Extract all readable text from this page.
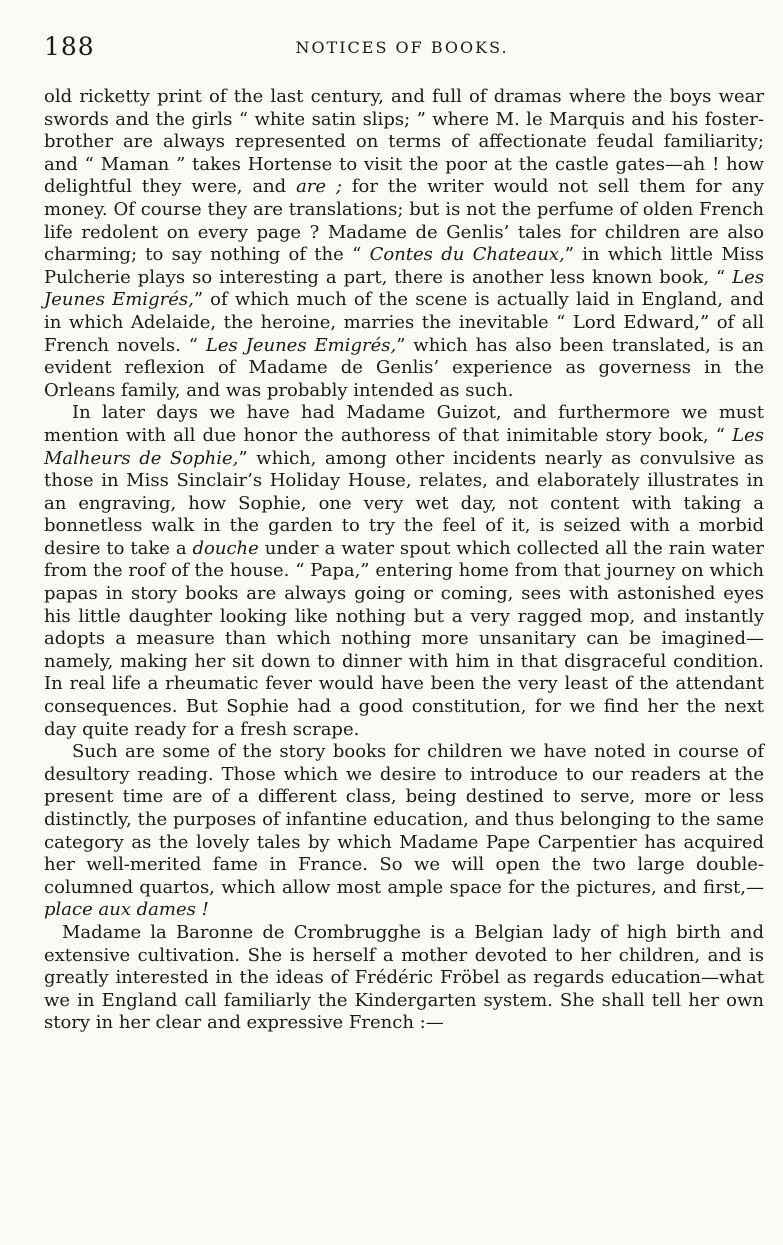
188	NOTICES OF BOOKS.

old ricketty print of the last century, and full of dramas where the boys wear swords and the girls “ white satin slips; ” where M. le Marquis and his foster-brother are always represented on terms of affectionate feudal familiarity; and “ Maman ” takes Hortense to visit the poor at the castle gates—ah ! how delightful they were, and are ; for the writer would not sell them for any money. Of course they are translations; but is not the perfume of olden French life redolent on every page ? Madame de Genlis’ tales for children are also charming; to say nothing of the “ Contes du Chateaux,” in which little Miss Pulcherie plays so interesting a part, there is another less known book, “ Les Jeunes Emigrés,” of which much of the scene is actually laid in England, and in which Adelaide, the heroine, marries the inevitable “ Lord Edward,” of all French novels. “ Les Jeunes Emigrés,” which has also been translated, is an evident reflexion of Madame de Genlis’ experience as governess in the Orleans family, and was probably intended as such.

In later days we have had Madame Guizot, and furthermore we must mention with all due honor the authoress of that inimitable story book, “ Les Malheurs de Sophie,” which, among other incidents nearly as convulsive as those in Miss Sinclair’s Holiday House, relates, and elaborately illustrates in an engraving, how Sophie, one very wet day, not content with taking a bonnetless walk in the garden to try the feel of it, is seized with a morbid desire to take a douche under a water spout which collected all the rain water from the roof of the house. “ Papa,” entering home from that journey on which papas in story books are always going or coming, sees with astonished eyes his little daughter looking like nothing but a very ragged mop, and instantly adopts a measure than which nothing more unsanitary can be imagined—namely, making her sit down to dinner with him in that disgraceful condition. In real life a rheumatic fever would have been the very least of the attendant consequences. But Sophie had a good constitution, for we find her the next day quite ready for a fresh scrape.

Such are some of the story books for children we have noted in course of desultory reading. Those which we desire to introduce to our readers at the present time are of a different class, being destined to serve, more or less distinctly, the purposes of infantine education, and thus belonging to the same category as the lovely tales by which Madame Pape Carpentier has acquired her well-merited fame in France. So we will open the two large double-columned quartos, which allow most ample space for the pictures, and first,—place aux dames !

Madame la Baronne de Crombrugghe is a Belgian lady of high birth and extensive cultivation. She is herself a mother devoted to her children, and is greatly interested in the ideas of Frédéric Fröbel as regards education—what we in England call familiarly the Kindergarten system. She shall tell her own story in her clear and expressive French :—
